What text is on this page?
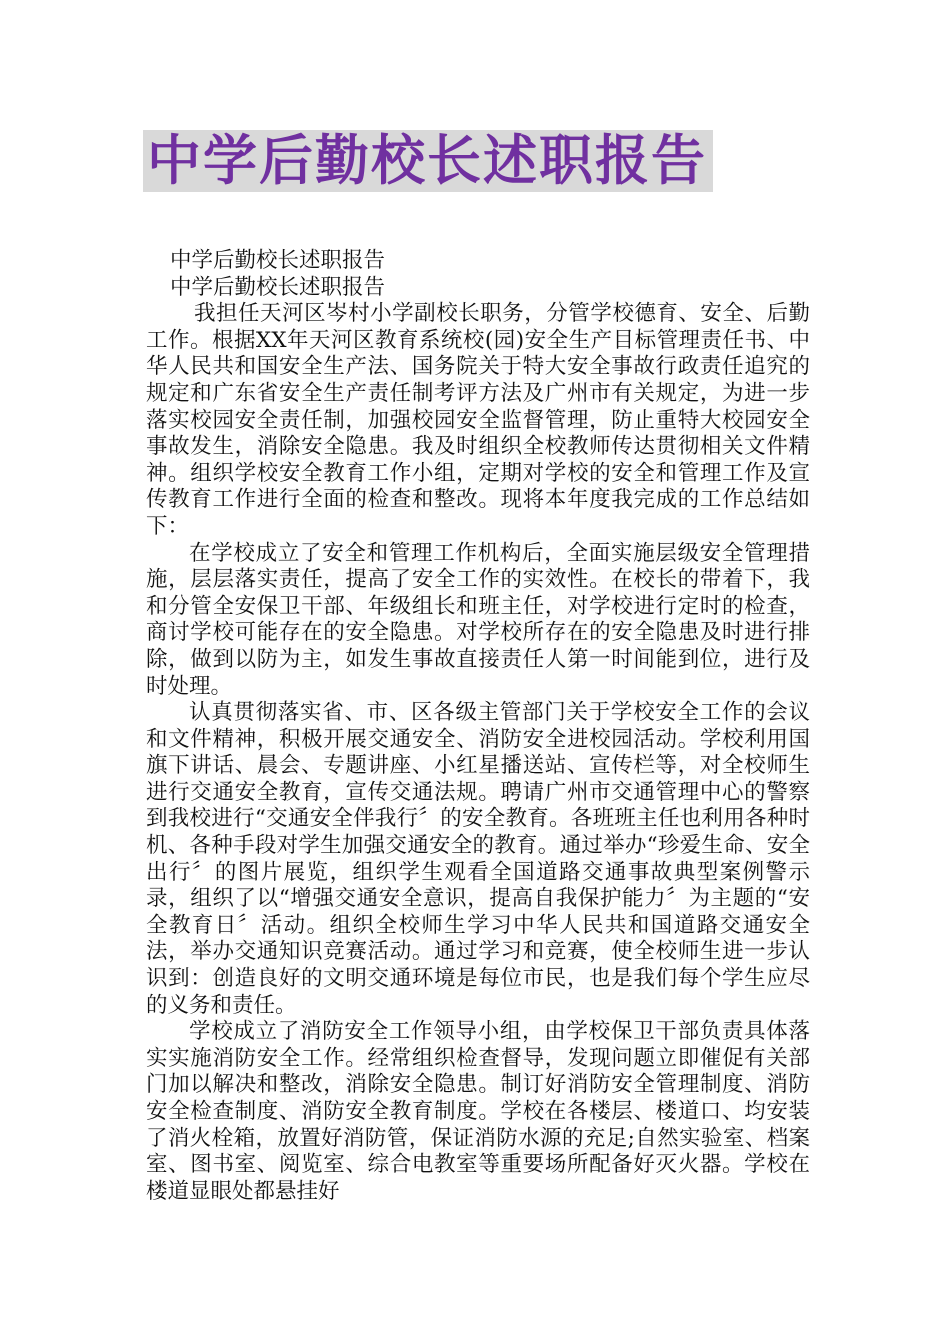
中学后勤校长述职报告
中学后勤校长述职报告
中学后勤校长述职报告

我担任天河区岑村小学副校长职务，分管学校德育、安全、后勤工作。根据XX年天河区教育系统校(园)安全生产目标管理责任书、中华人民共和国安全生产法、国务院关于特大安全事故行政责任追究的规定和广东省安全生产责任制考评方法及广州市有关规定，为进一步落实校园安全责任制，加强校园安全监督管理，防止重特大校园安全事故发生，消除安全隐患。我及时组织全校教师传达贯彻相关文件精神。组织学校安全教育工作小组，定期对学校的安全和管理工作及宣传教育工作进行全面的检查和整改。现将本年度我完成的工作总结如下：

在学校成立了安全和管理工作机构后，全面实施层级安全管理措施，层层落实责任，提高了安全工作的实效性。在校长的带着下，我和分管全安保卫干部、年级组长和班主任，对学校进行定时的检查，商讨学校可能存在的安全隐患。对学校所存在的安全隐患及时进行排除，做到以防为主，如发生事故直接责任人第一时间能到位，进行及时处理。

认真贯彻落实省、市、区各级主管部门关于学校安全工作的会议和文件精神，积极开展交通安全、消防安全进校园活动。学校利用国旗下讲话、晨会、专题讲座、小红星播送站、宣传栏等，对全校师生进行交通安全教育，宣传交通法规。聘请广州市交通管理中心的警察到我校进行“交通安全伴我行〞的安全教育。各班班主任也利用各种时机、各种手段对学生加强交通安全的教育。通过举办“珍爱生命、安全出行〞的图片展览，组织学生观看全国道路交通事故典型案例警示录，组织了以“增强交通安全意识，提高自我保护能力〞为主题的“安全教育日〞活动。组织全校师生学习中华人民共和国道路交通安全法，举办交通知识竞赛活动。通过学习和竞赛，使全校师生进一步认识到：创造良好的文明交通环境是每位市民，也是我们每个学生应尽的义务和责任。

学校成立了消防安全工作领导小组，由学校保卫干部负责具体落实实施消防安全工作。经常组织检查督导，发现问题立即催促有关部门加以解决和整改，消除安全隐患。制订好消防安全管理制度、消防安全检查制度、消防安全教育制度。学校在各楼层、楼道口、均安装了消火栓箱，放置好消防管，保证消防水源的充足;自然实验室、档案室、图书室、阅览室、综合电教室等重要场所配备好灭火器。学校在楼道显眼处都悬挂好
